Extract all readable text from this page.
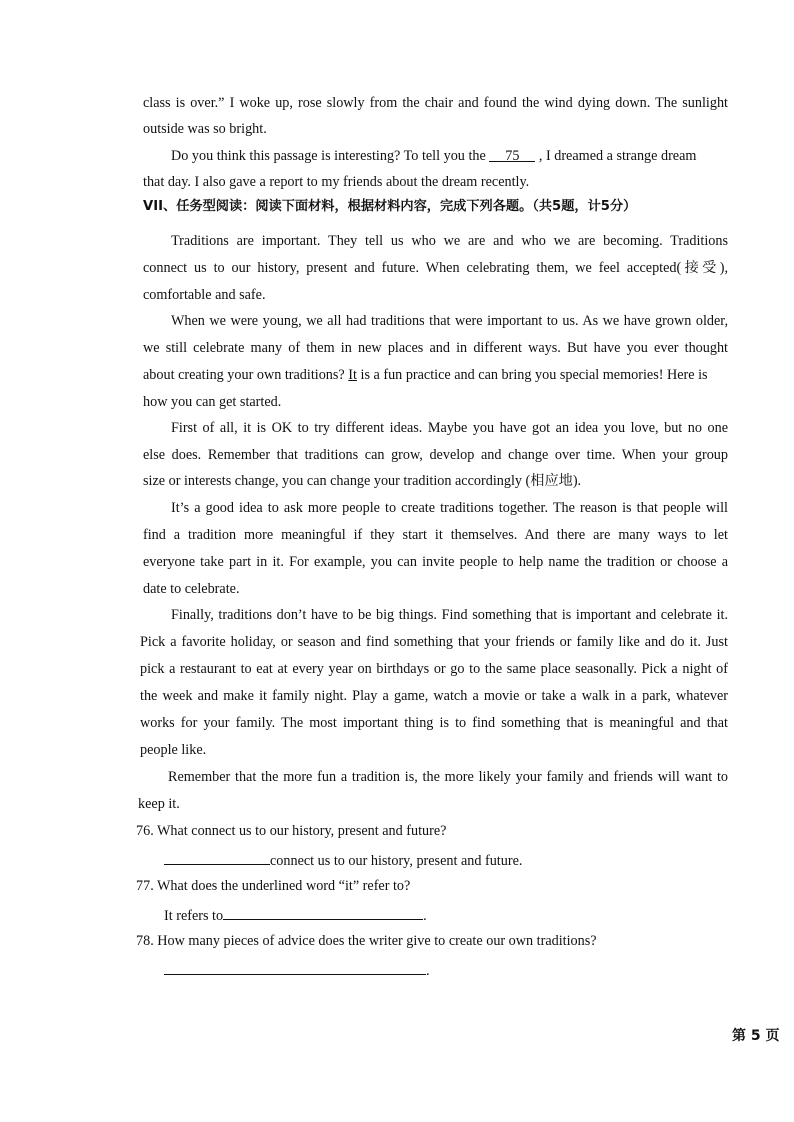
class is over.” I woke up, rose slowly from the chair and found the wind dying down. The sunlight
outside was so bright.
Do you think this passage is interesting? To tell you the 75 , I dreamed a strange dream
that day. I also gave a report to my friends about the dream recently.
VII、任务型阅读：阅读下面材料，根据材料内容，完成下列各题。（共5题，计5分）
Traditions are important. They tell us who we are and who we are becoming. Traditions
connect us to our history, present and future. When celebrating them, we feel accepted(接受),
comfortable and safe.
When we were young, we all had traditions that were important to us. As we have grown older,
we still celebrate many of them in new places and in different ways. But have you ever thought
about creating your own traditions? It is a fun practice and can bring you special memories! Here is
how you can get started.
First of all, it is OK to try different ideas. Maybe you have got an idea you love, but no one
else does. Remember that traditions can grow, develop and change over time. When your group
size or interests change, you can change your tradition accordingly (相应地).
It’s a good idea to ask more people to create traditions together. The reason is that people will
find a tradition more meaningful if they start it themselves. And there are many ways to let
everyone take part in it. For example, you can invite people to help name the tradition or choose a
date to celebrate.
Finally, traditions don’t have to be big things. Find something that is important and celebrate it.
Pick a favorite holiday, or season and find something that your friends or family like and do it. Just
pick a restaurant to eat at every year on birthdays or go to the same place seasonally. Pick a night of
the week and make it family night. Play a game, watch a movie or take a walk in a park, whatever
works for your family. The most important thing is to find something that is meaningful and that
people like.
Remember that the more fun a tradition is, the more likely your family and friends will want to
keep it.
76. What connect us to our history, present and future?
connect us to our history, present and future.
77. What does the underlined word “it” refer to?
It refers to	.
78. How many pieces of advice does the writer give to create our own traditions?
.
第 5 页
